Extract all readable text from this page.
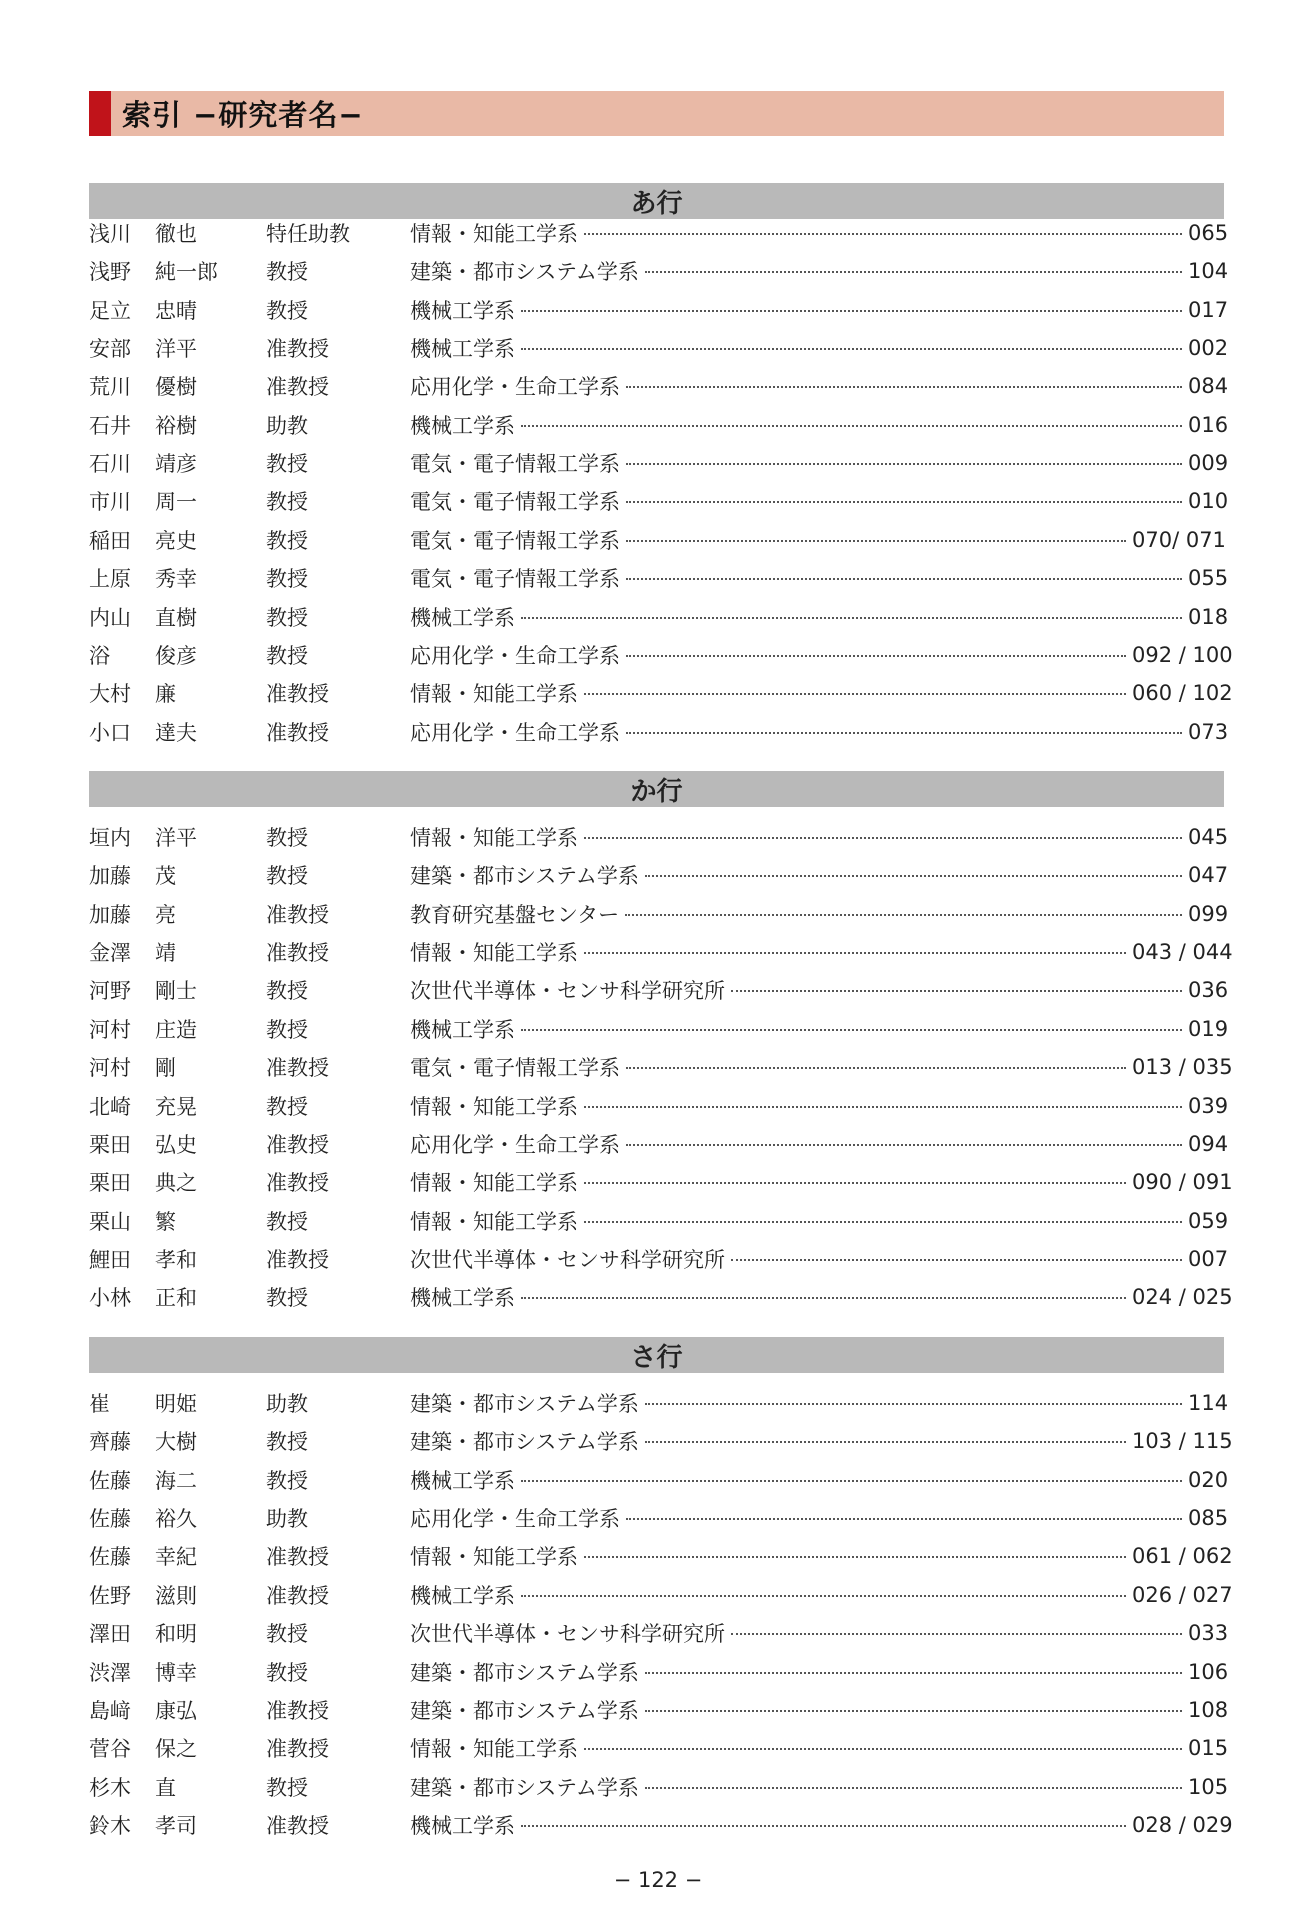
索引 −研究者名−
あ行
浅川	徹也	特任助教	情報・知能工学系	065
浅野	純一郎	教授	建築・都市システム学系	104
足立	忠晴	教授	機械工学系	017
安部	洋平	准教授	機械工学系	002
荒川	優樹	准教授	応用化学・生命工学系	084
石井	裕樹	助教	機械工学系	016
石川	靖彦	教授	電気・電子情報工学系	009
市川	周一	教授	電気・電子情報工学系	010
稲田	亮史	教授	電気・電子情報工学系	070/ 071
上原	秀幸	教授	電気・電子情報工学系	055
内山	直樹	教授	機械工学系	018
浴	俊彦	教授	応用化学・生命工学系	092 / 100
大村	廉	准教授	情報・知能工学系	060 / 102
小口	達夫	准教授	応用化学・生命工学系	073
か行
垣内	洋平	教授	情報・知能工学系	045
加藤	茂	教授	建築・都市システム学系	047
加藤	亮	准教授	教育研究基盤センター	099
金澤	靖	准教授	情報・知能工学系	043 / 044
河野	剛士	教授	次世代半導体・センサ科学研究所	036
河村	庄造	教授	機械工学系	019
河村	剛	准教授	電気・電子情報工学系	013 / 035
北崎	充晃	教授	情報・知能工学系	039
栗田	弘史	准教授	応用化学・生命工学系	094
栗田	典之	准教授	情報・知能工学系	090 / 091
栗山	繁	教授	情報・知能工学系	059
鯉田	孝和	准教授	次世代半導体・センサ科学研究所	007
小林	正和	教授	機械工学系	024 / 025
さ行
崔	明姫	助教	建築・都市システム学系	114
齊藤	大樹	教授	建築・都市システム学系	103 / 115
佐藤	海二	教授	機械工学系	020
佐藤	裕久	助教	応用化学・生命工学系	085
佐藤	幸紀	准教授	情報・知能工学系	061 / 062
佐野	滋則	准教授	機械工学系	026 / 027
澤田	和明	教授	次世代半導体・センサ科学研究所	033
渋澤	博幸	教授	建築・都市システム学系	106
島﨑	康弘	准教授	建築・都市システム学系	108
菅谷	保之	准教授	情報・知能工学系	015
杉木	直	教授	建築・都市システム学系	105
鈴木	孝司	准教授	機械工学系	028 / 029
− 122 −
